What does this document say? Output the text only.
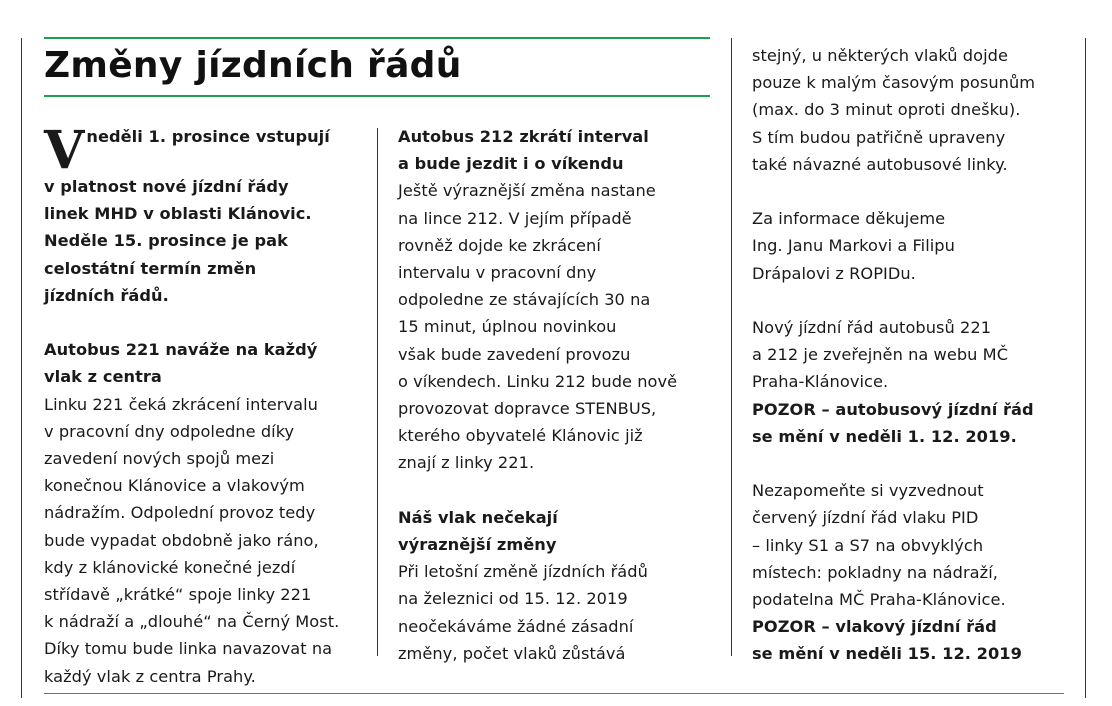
Změny jízdních řádů
V neděli 1. prosince vstupují

v platnost nové jízdní řády

linek MHD v oblasti Klánovic.

Neděle 15. prosince je pak

celostátní termín změn

jízdních řádů.

Autobus 221 naváže na každý

vlak z centra

Linku 221 čeká zkrácení intervalu

v pracovní dny odpoledne díky

zavedení nových spojů mezi

konečnou Klánovice a vlakovým

nádražím. Odpolední provoz tedy

bude vypadat obdobně jako ráno,

kdy z klánovické konečné jezdí

střídavě „krátké“ spoje linky 221

k nádraží a „dlouhé“ na Černý Most.

Díky tomu bude linka navazovat na

každý vlak z centra Prahy.

Autobus 212 zkrátí interval

a bude jezdit i o víkendu

Ještě výraznější změna nastane

na lince 212. V jejím případě

rovněž dojde ke zkrácení

intervalu v pracovní dny

odpoledne ze stávajících 30 na

15 minut, úplnou novinkou

však bude zavedení provozu

o víkendech. Linku 212 bude nově

provozovat dopravce STENBUS,

kterého obyvatelé Klánovic již

znají z linky 221.

Náš vlak nečekají

výraznější změny

Při letošní změně jízdních řádů

na železnici od 15. 12. 2019

neočekáváme žádné zásadní

změny, počet vlaků zůstává

stejný, u některých vlaků dojde

pouze k malým časovým posunům

(max. do 3 minut oproti dnešku).

S tím budou patřičně upraveny

také návazné autobusové linky.

Za informace děkujeme

Ing. Janu Markovi a Filipu

Drápalovi z ROPIDu.

Nový jízdní řád autobusů 221

a 212 je zveřejněn na webu MČ

Praha-Klánovice.

POZOR – autobusový jízdní řád

se mění v neděli 1. 12. 2019.

Nezapomeňte si vyzvednout

červený jízdní řád vlaku PID

– linky S1 a S7 na obvyklých

místech: pokladny na nádraží,

podatelna MČ Praha-Klánovice.

POZOR – vlakový jízdní řád

se mění v neděli 15. 12. 2019
